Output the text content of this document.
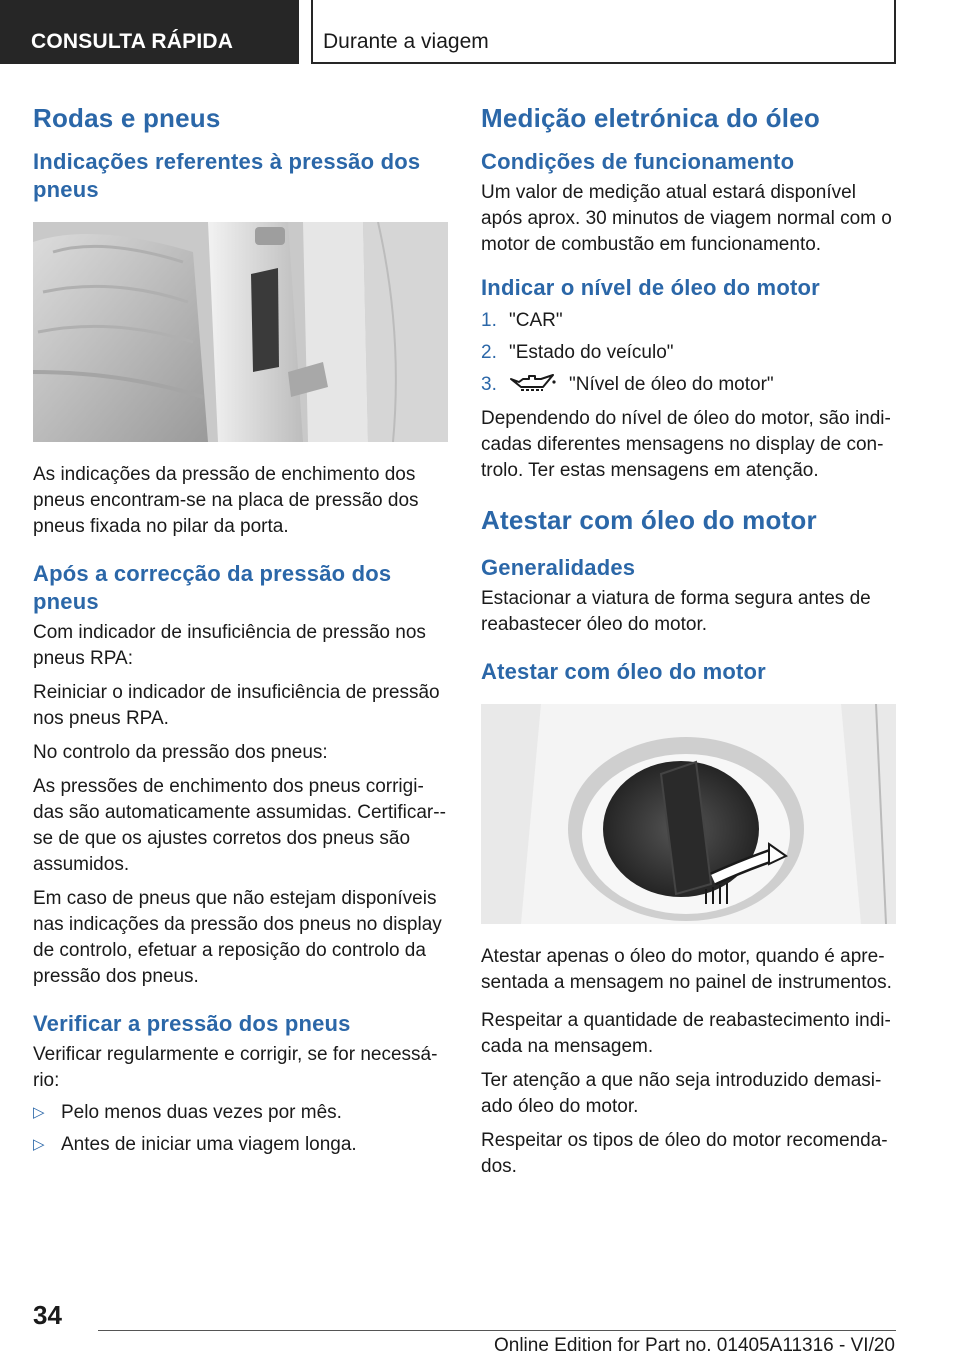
CONSULTA RÁPIDA	Durante a viagem
Rodas e pneus
Indicações referentes à pressão dos pneus

As indicações da pressão de enchimento dos pneus encontram-se na placa de pressão dos pneus fixada no pilar da porta.

Após a correcção da pressão dos pneus

Com indicador de insuficiência de pressão nos pneus RPA:

Reiniciar o indicador de insuficiência de pressão nos pneus RPA.

No controlo da pressão dos pneus:

As pressões de enchimento dos pneus corrigidas são automaticamente assumidas. Certificar-se de que os ajustes corretos dos pneus são assumidos.

Em caso de pneus que não estejam disponíveis nas indicações da pressão dos pneus no display de controlo, efetuar a reposição do controlo da pressão dos pneus.

Verificar a pressão dos pneus

Verificar regularmente e corrigir, se for necessário:

▷ Pelo menos duas vezes por mês.
▷ Antes de iniciar uma viagem longa.
Medição eletrónica do óleo
Condições de funcionamento

Um valor de medição atual estará disponível após aprox. 30 minutos de viagem normal com o motor de combustão em funcionamento.

Indicar o nível de óleo do motor
1. "CAR"
2. "Estado do veículo"
3.	"Nível de óleo do motor"

Dependendo do nível de óleo do motor, são indicadas diferentes mensagens no display de controlo. Ter estas mensagens em atenção.

Atestar com óleo do motor
Generalidades

Estacionar a viatura de forma segura antes de reabastecer óleo do motor.

Atestar com óleo do motor

Atestar apenas o óleo do motor, quando é apresentada a mensagem no painel de instrumentos.

Respeitar a quantidade de reabastecimento indicada na mensagem.

Ter atenção a que não seja introduzido demasiado óleo do motor.

Respeitar os tipos de óleo do motor recomendados.

34
Online Edition for Part no. 01405A11316 - VI/20
